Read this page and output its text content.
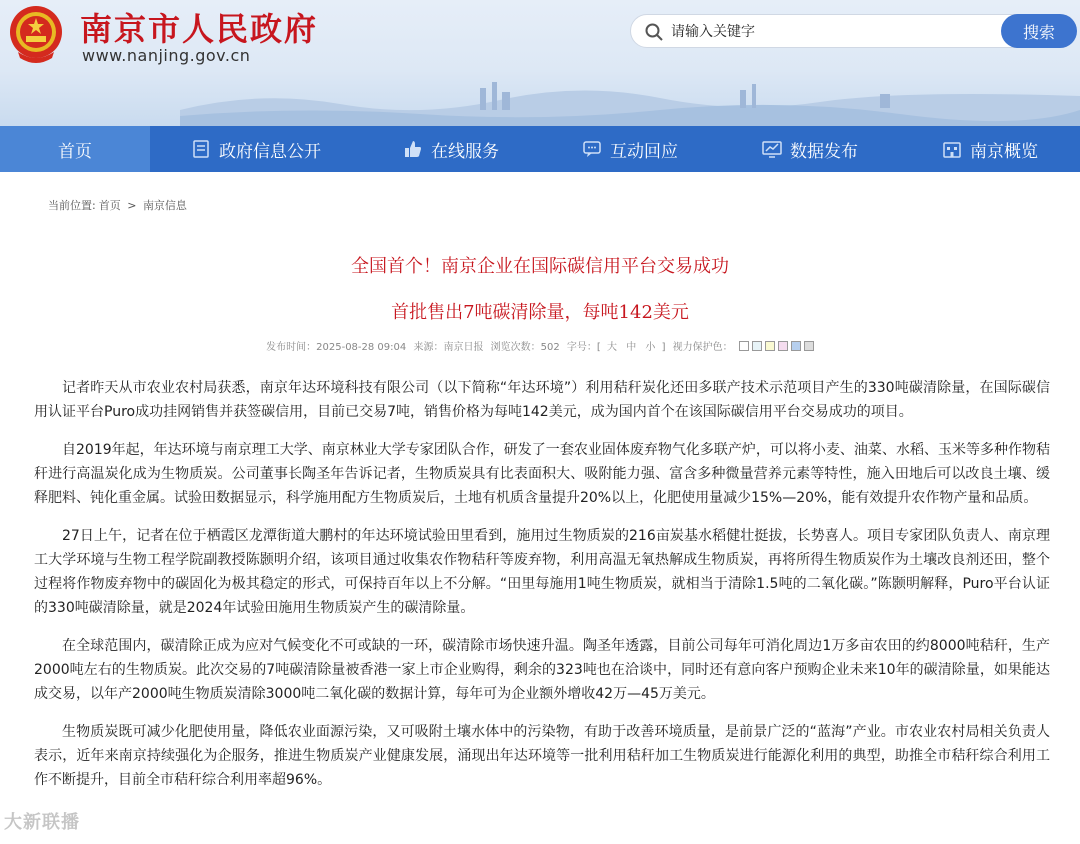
南京市人民政府
www.nanjing.gov.cn
请输入关键字
搜索
首页	政府信息公开	在线服务	互动回应	数据发布	南京概览
当前位置: 首页 > 南京信息
全国首个！南京企业在国际碳信用平台交易成功
首批售出7吨碳清除量，每吨142美元
发布时间：2025-08-28 09:04 来源：南京日报 浏览次数：502 字号：[ 大 中 小 ] 视力保护色：

记者昨天从市农业农村局获悉，南京年达环境科技有限公司（以下简称“年达环境”）利用秸秆炭化还田多联产技术示范项目产生的330吨碳清除量，在国际碳信用认证平台Puro成功挂网销售并获签碳信用，目前已交易7吨，销售价格为每吨142美元，成为国内首个在该国际碳信用平台交易成功的项目。

自2019年起，年达环境与南京理工大学、南京林业大学专家团队合作，研发了一套农业固体废弃物气化多联产炉，可以将小麦、油菜、水稻、玉米等多种作物秸秆进行高温炭化成为生物质炭。公司董事长陶圣年告诉记者，生物质炭具有比表面积大、吸附能力强、富含多种微量营养元素等特性，施入田地后可以改良土壤、缓释肥料、钝化重金属。试验田数据显示，科学施用配方生物质炭后，土地有机质含量提升20%以上，化肥使用量减少15%—20%，能有效提升农作物产量和品质。

27日上午，记者在位于栖霞区龙潭街道大鹏村的年达环境试验田里看到，施用过生物质炭的216亩炭基水稻健壮挺拔，长势喜人。项目专家团队负责人、南京理工大学环境与生物工程学院副教授陈颢明介绍，该项目通过收集农作物秸秆等废弃物，利用高温无氧热解成生物质炭，再将所得生物质炭作为土壤改良剂还田，整个过程将作物废弃物中的碳固化为极其稳定的形式，可保持百年以上不分解。“田里每施用1吨生物质炭，就相当于清除1.5吨的二氧化碳。”陈颢明解释，Puro平台认证的330吨碳清除量，就是2024年试验田施用生物质炭产生的碳清除量。

在全球范围内，碳清除正成为应对气候变化不可或缺的一环，碳清除市场快速升温。陶圣年透露，目前公司每年可消化周边1万多亩农田的约8000吨秸秆，生产2000吨左右的生物质炭。此次交易的7吨碳清除量被香港一家上市企业购得，剩余的323吨也在洽谈中，同时还有意向客户预购企业未来10年的碳清除量，如果能达成交易，以年产2000吨生物质炭清除3000吨二氧化碳的数据计算，每年可为企业额外增收42万—45万美元。

生物质炭既可减少化肥使用量，降低农业面源污染，又可吸附土壤水体中的污染物，有助于改善环境质量，是前景广泛的“蓝海”产业。市农业农村局相关负责人表示，近年来南京持续强化为企服务，推进生物质炭产业健康发展，涌现出年达环境等一批利用秸秆加工生物质炭进行能源化利用的典型，助推全市秸秆综合利用工作不断提升，目前全市秸秆综合利用率超96%。

大新联播
